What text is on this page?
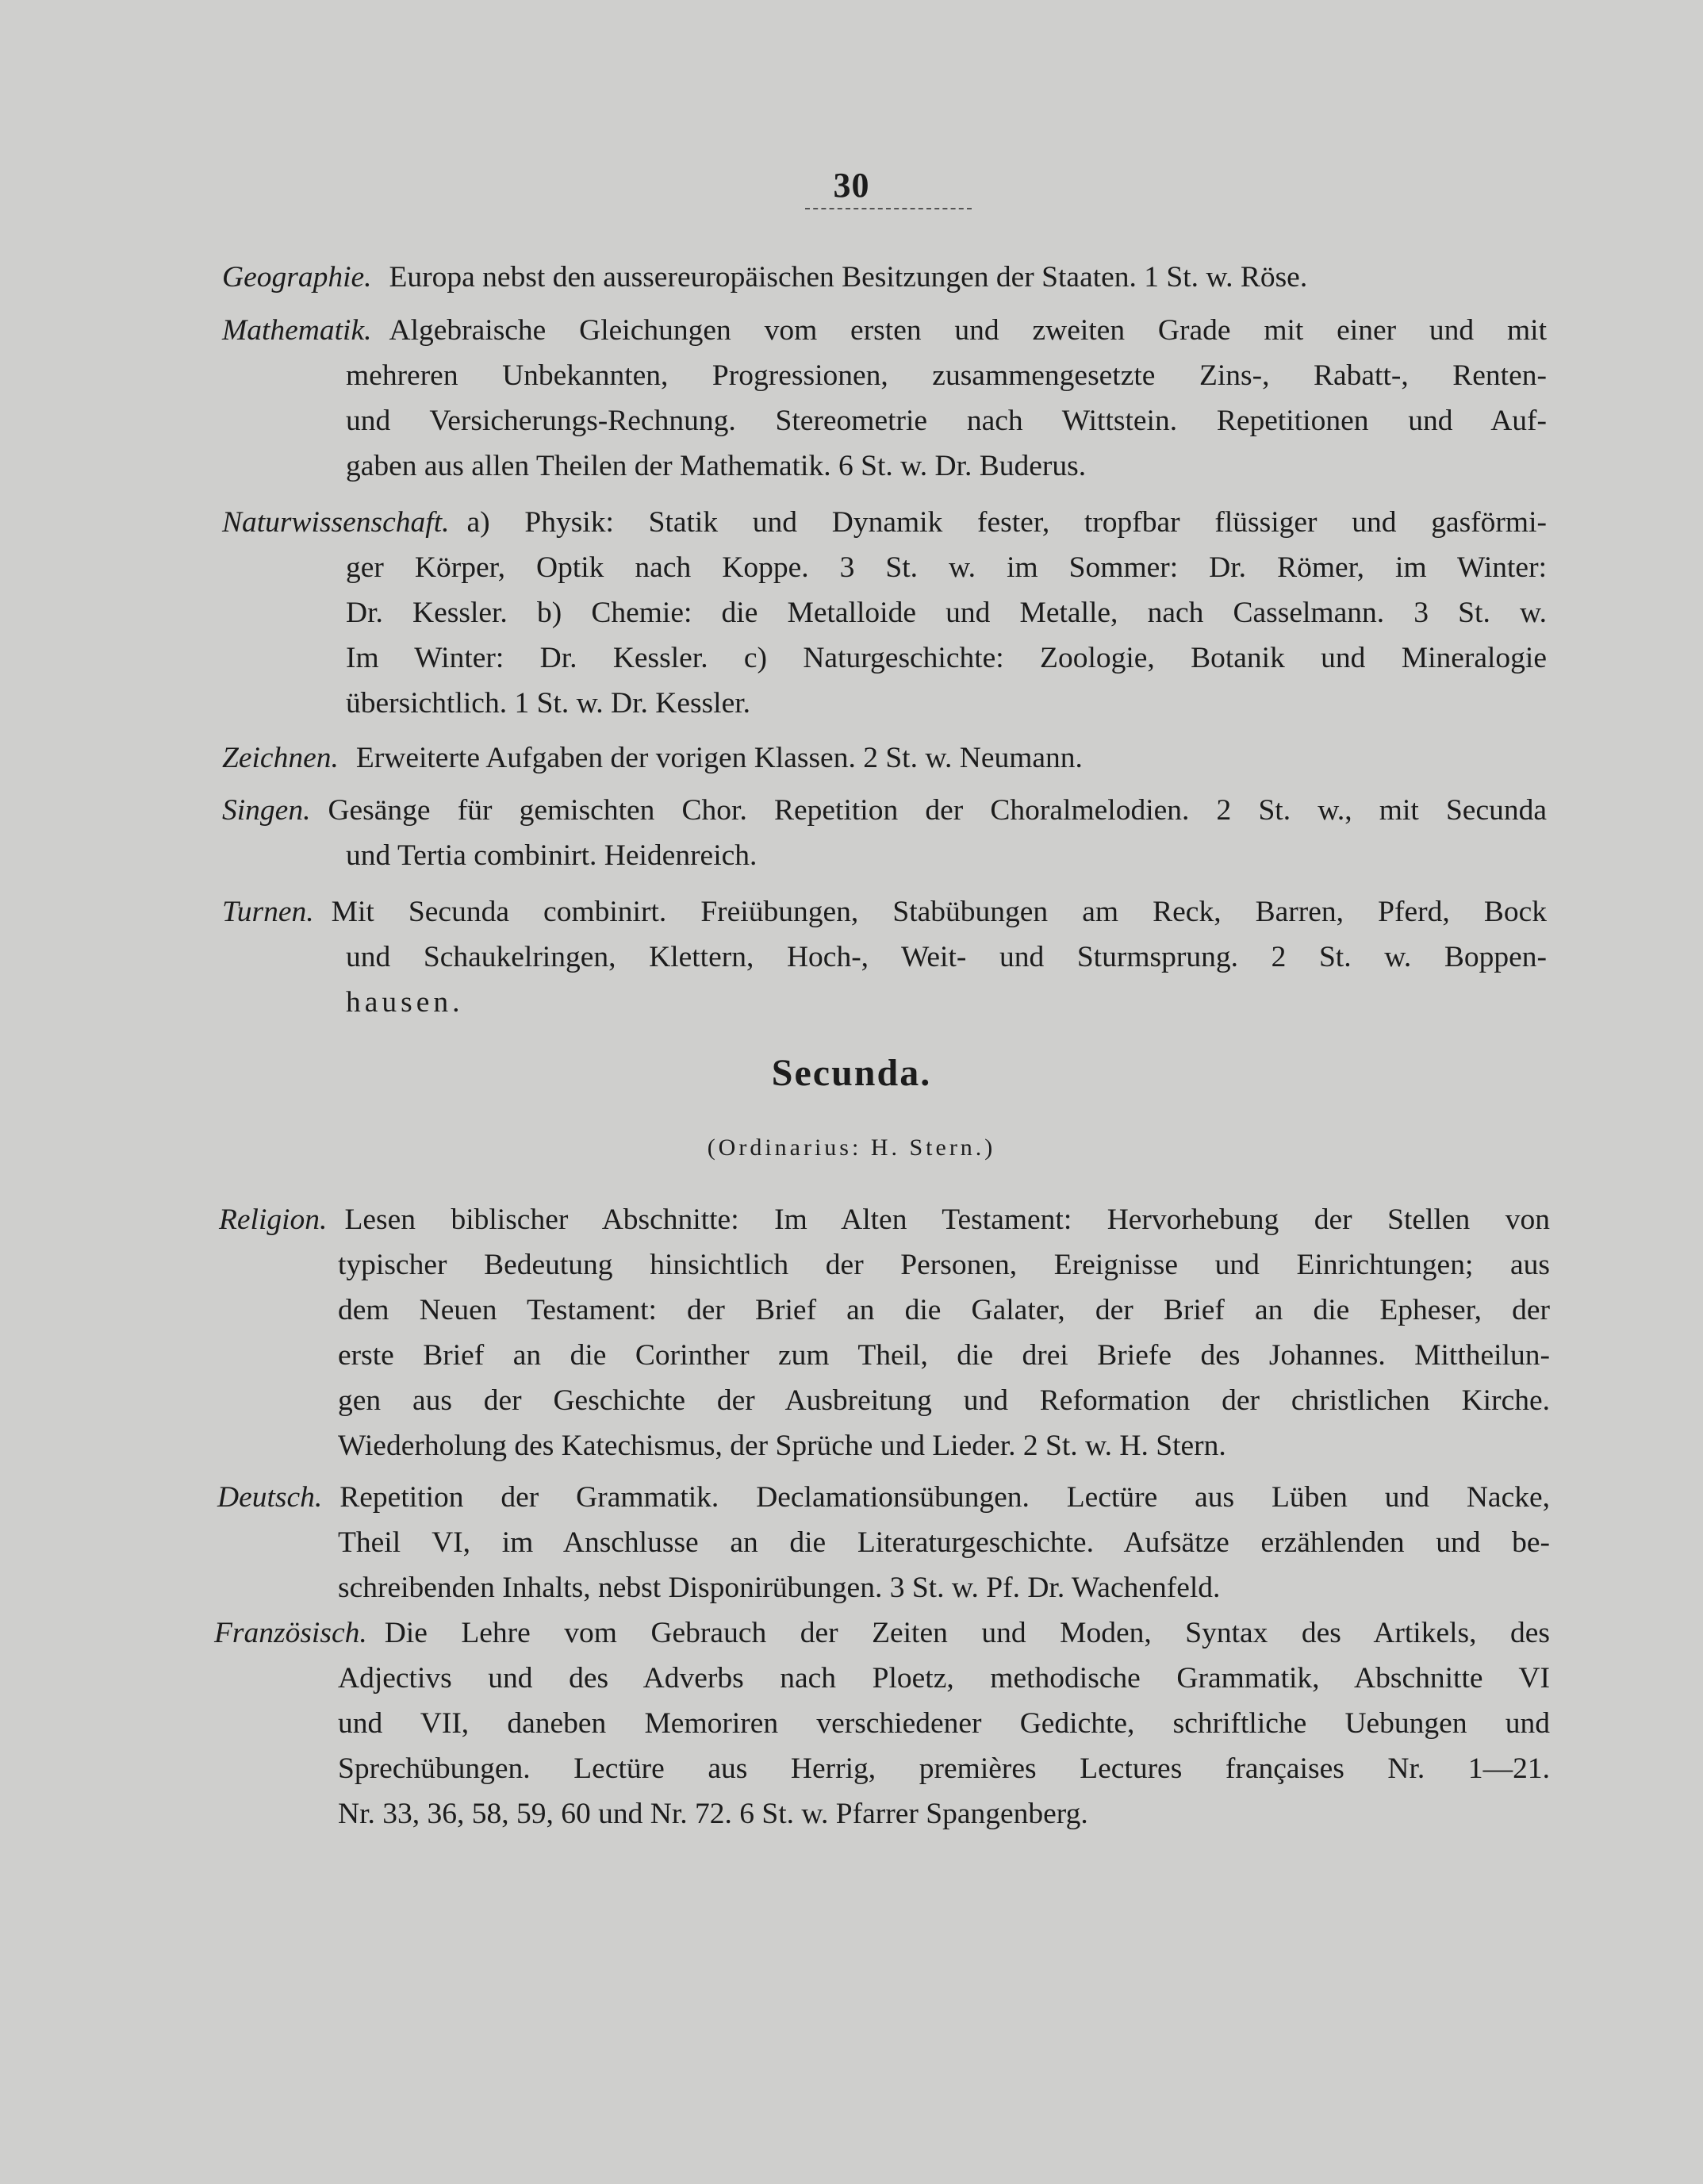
30
Geographie. Europa nebst den aussereuropäischen Besitzungen der Staaten. 1 St. w. Röse.
Mathematik. Algebraische Gleichungen vom ersten und zweiten Grade mit einer und mit
mehreren Unbekannten, Progressionen, zusammengesetzte Zins-, Rabatt-, Renten-
und Versicherungs-Rechnung. Stereometrie nach Wittstein. Repetitionen und Auf-
gaben aus allen Theilen der Mathematik. 6 St. w. Dr. Buderus.
Naturwissenschaft. a) Physik: Statik und Dynamik fester, tropfbar flüssiger und gasförmi-
ger Körper, Optik nach Koppe. 3 St. w. im Sommer: Dr. Römer, im Winter:
Dr. Kessler. b) Chemie: die Metalloide und Metalle, nach Casselmann. 3 St. w.
Im Winter: Dr. Kessler. c) Naturgeschichte: Zoologie, Botanik und Mineralogie
übersichtlich. 1 St. w. Dr. Kessler.
Zeichnen. Erweiterte Aufgaben der vorigen Klassen. 2 St. w. Neumann.
Singen. Gesänge für gemischten Chor. Repetition der Choralmelodien. 2 St. w., mit Secunda
und Tertia combinirt. Heidenreich.
Turnen. Mit Secunda combinirt. Freiübungen, Stabübungen am Reck, Barren, Pferd, Bock
und Schaukelringen, Klettern, Hoch-, Weit- und Sturmsprung. 2 St. w. Boppen-
hausen.
Secunda.
(Ordinarius: H. Stern.)
Religion. Lesen biblischer Abschnitte: Im Alten Testament: Hervorhebung der Stellen von
typischer Bedeutung hinsichtlich der Personen, Ereignisse und Einrichtungen; aus
dem Neuen Testament: der Brief an die Galater, der Brief an die Epheser, der
erste Brief an die Corinther zum Theil, die drei Briefe des Johannes. Mittheilun-
gen aus der Geschichte der Ausbreitung und Reformation der christlichen Kirche.
Wiederholung des Katechismus, der Sprüche und Lieder. 2 St. w. H. Stern.
Deutsch. Repetition der Grammatik. Declamationsübungen. Lectüre aus Lüben und Nacke,
Theil VI, im Anschlusse an die Literaturgeschichte. Aufsätze erzählenden und be-
schreibenden Inhalts, nebst Disponirübungen. 3 St. w. Pf. Dr. Wachenfeld.
Französisch. Die Lehre vom Gebrauch der Zeiten und Moden, Syntax des Artikels, des
Adjectivs und des Adverbs nach Ploetz, methodische Grammatik, Abschnitte VI
und VII, daneben Memoriren verschiedener Gedichte, schriftliche Uebungen und
Sprechübungen. Lectüre aus Herrig, premières Lectures françaises Nr. 1—21.
Nr. 33, 36, 58, 59, 60 und Nr. 72. 6 St. w. Pfarrer Spangenberg.
